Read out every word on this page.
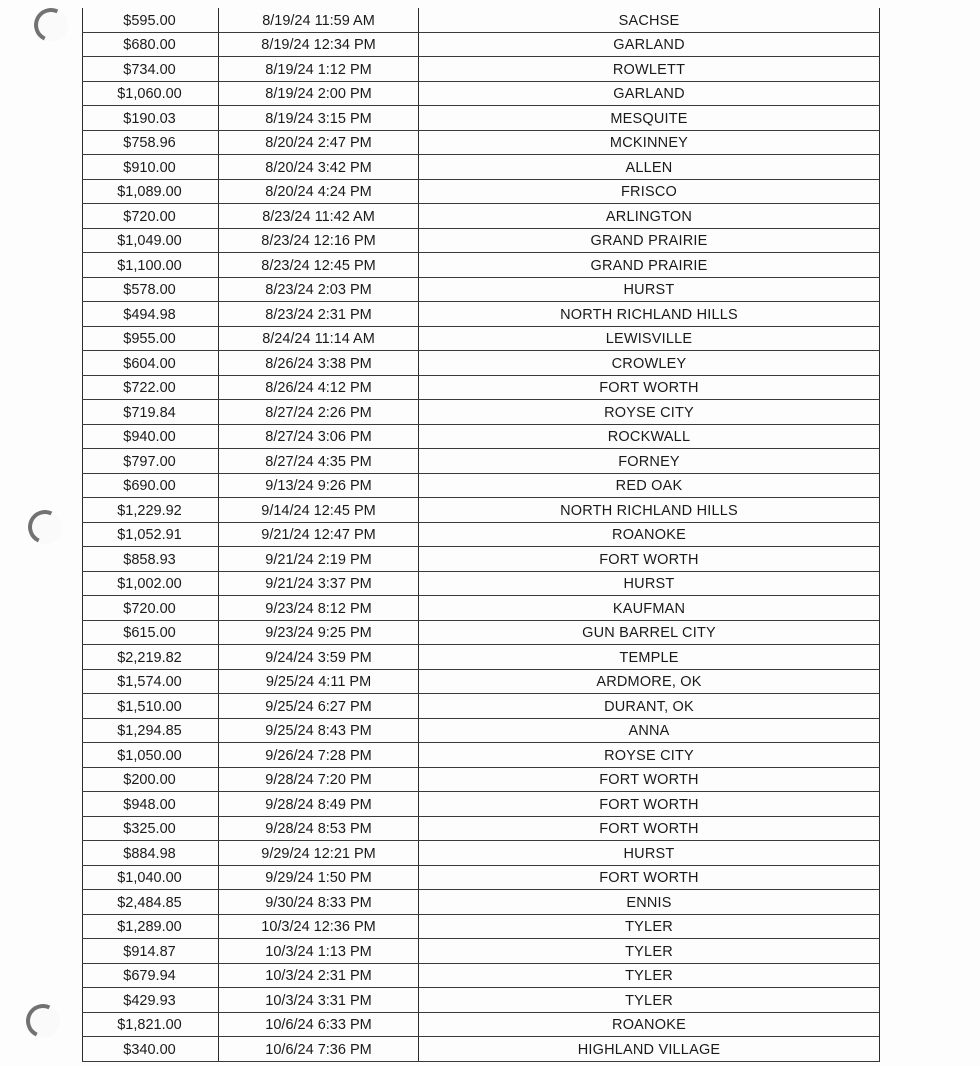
$595.00	8/19/24 11:59 AM	SACHSE
$680.00	8/19/24 12:34 PM	GARLAND
$734.00	8/19/24 1:12 PM	ROWLETT
$1,060.00	8/19/24 2:00 PM	GARLAND
$190.03	8/19/24 3:15 PM	MESQUITE
$758.96	8/20/24 2:47 PM	MCKINNEY
$910.00	8/20/24 3:42 PM	ALLEN
$1,089.00	8/20/24 4:24 PM	FRISCO
$720.00	8/23/24 11:42 AM	ARLINGTON
$1,049.00	8/23/24 12:16 PM	GRAND PRAIRIE
$1,100.00	8/23/24 12:45 PM	GRAND PRAIRIE
$578.00	8/23/24 2:03 PM	HURST
$494.98	8/23/24 2:31 PM	NORTH RICHLAND HILLS
$955.00	8/24/24 11:14 AM	LEWISVILLE
$604.00	8/26/24 3:38 PM	CROWLEY
$722.00	8/26/24 4:12 PM	FORT WORTH
$719.84	8/27/24 2:26 PM	ROYSE CITY
$940.00	8/27/24 3:06 PM	ROCKWALL
$797.00	8/27/24 4:35 PM	FORNEY
$690.00	9/13/24 9:26 PM	RED OAK
$1,229.92	9/14/24 12:45 PM	NORTH RICHLAND HILLS
$1,052.91	9/21/24 12:47 PM	ROANOKE
$858.93	9/21/24 2:19 PM	FORT WORTH
$1,002.00	9/21/24 3:37 PM	HURST
$720.00	9/23/24 8:12 PM	KAUFMAN
$615.00	9/23/24 9:25 PM	GUN BARREL CITY
$2,219.82	9/24/24 3:59 PM	TEMPLE
$1,574.00	9/25/24 4:11 PM	ARDMORE, OK
$1,510.00	9/25/24 6:27 PM	DURANT, OK
$1,294.85	9/25/24 8:43 PM	ANNA
$1,050.00	9/26/24 7:28 PM	ROYSE CITY
$200.00	9/28/24 7:20 PM	FORT WORTH
$948.00	9/28/24 8:49 PM	FORT WORTH
$325.00	9/28/24 8:53 PM	FORT WORTH
$884.98	9/29/24 12:21 PM	HURST
$1,040.00	9/29/24 1:50 PM	FORT WORTH
$2,484.85	9/30/24 8:33 PM	ENNIS
$1,289.00	10/3/24 12:36 PM	TYLER
$914.87	10/3/24 1:13 PM	TYLER
$679.94	10/3/24 2:31 PM	TYLER
$429.93	10/3/24 3:31 PM	TYLER
$1,821.00	10/6/24 6:33 PM	ROANOKE
$340.00	10/6/24 7:36 PM	HIGHLAND VILLAGE
